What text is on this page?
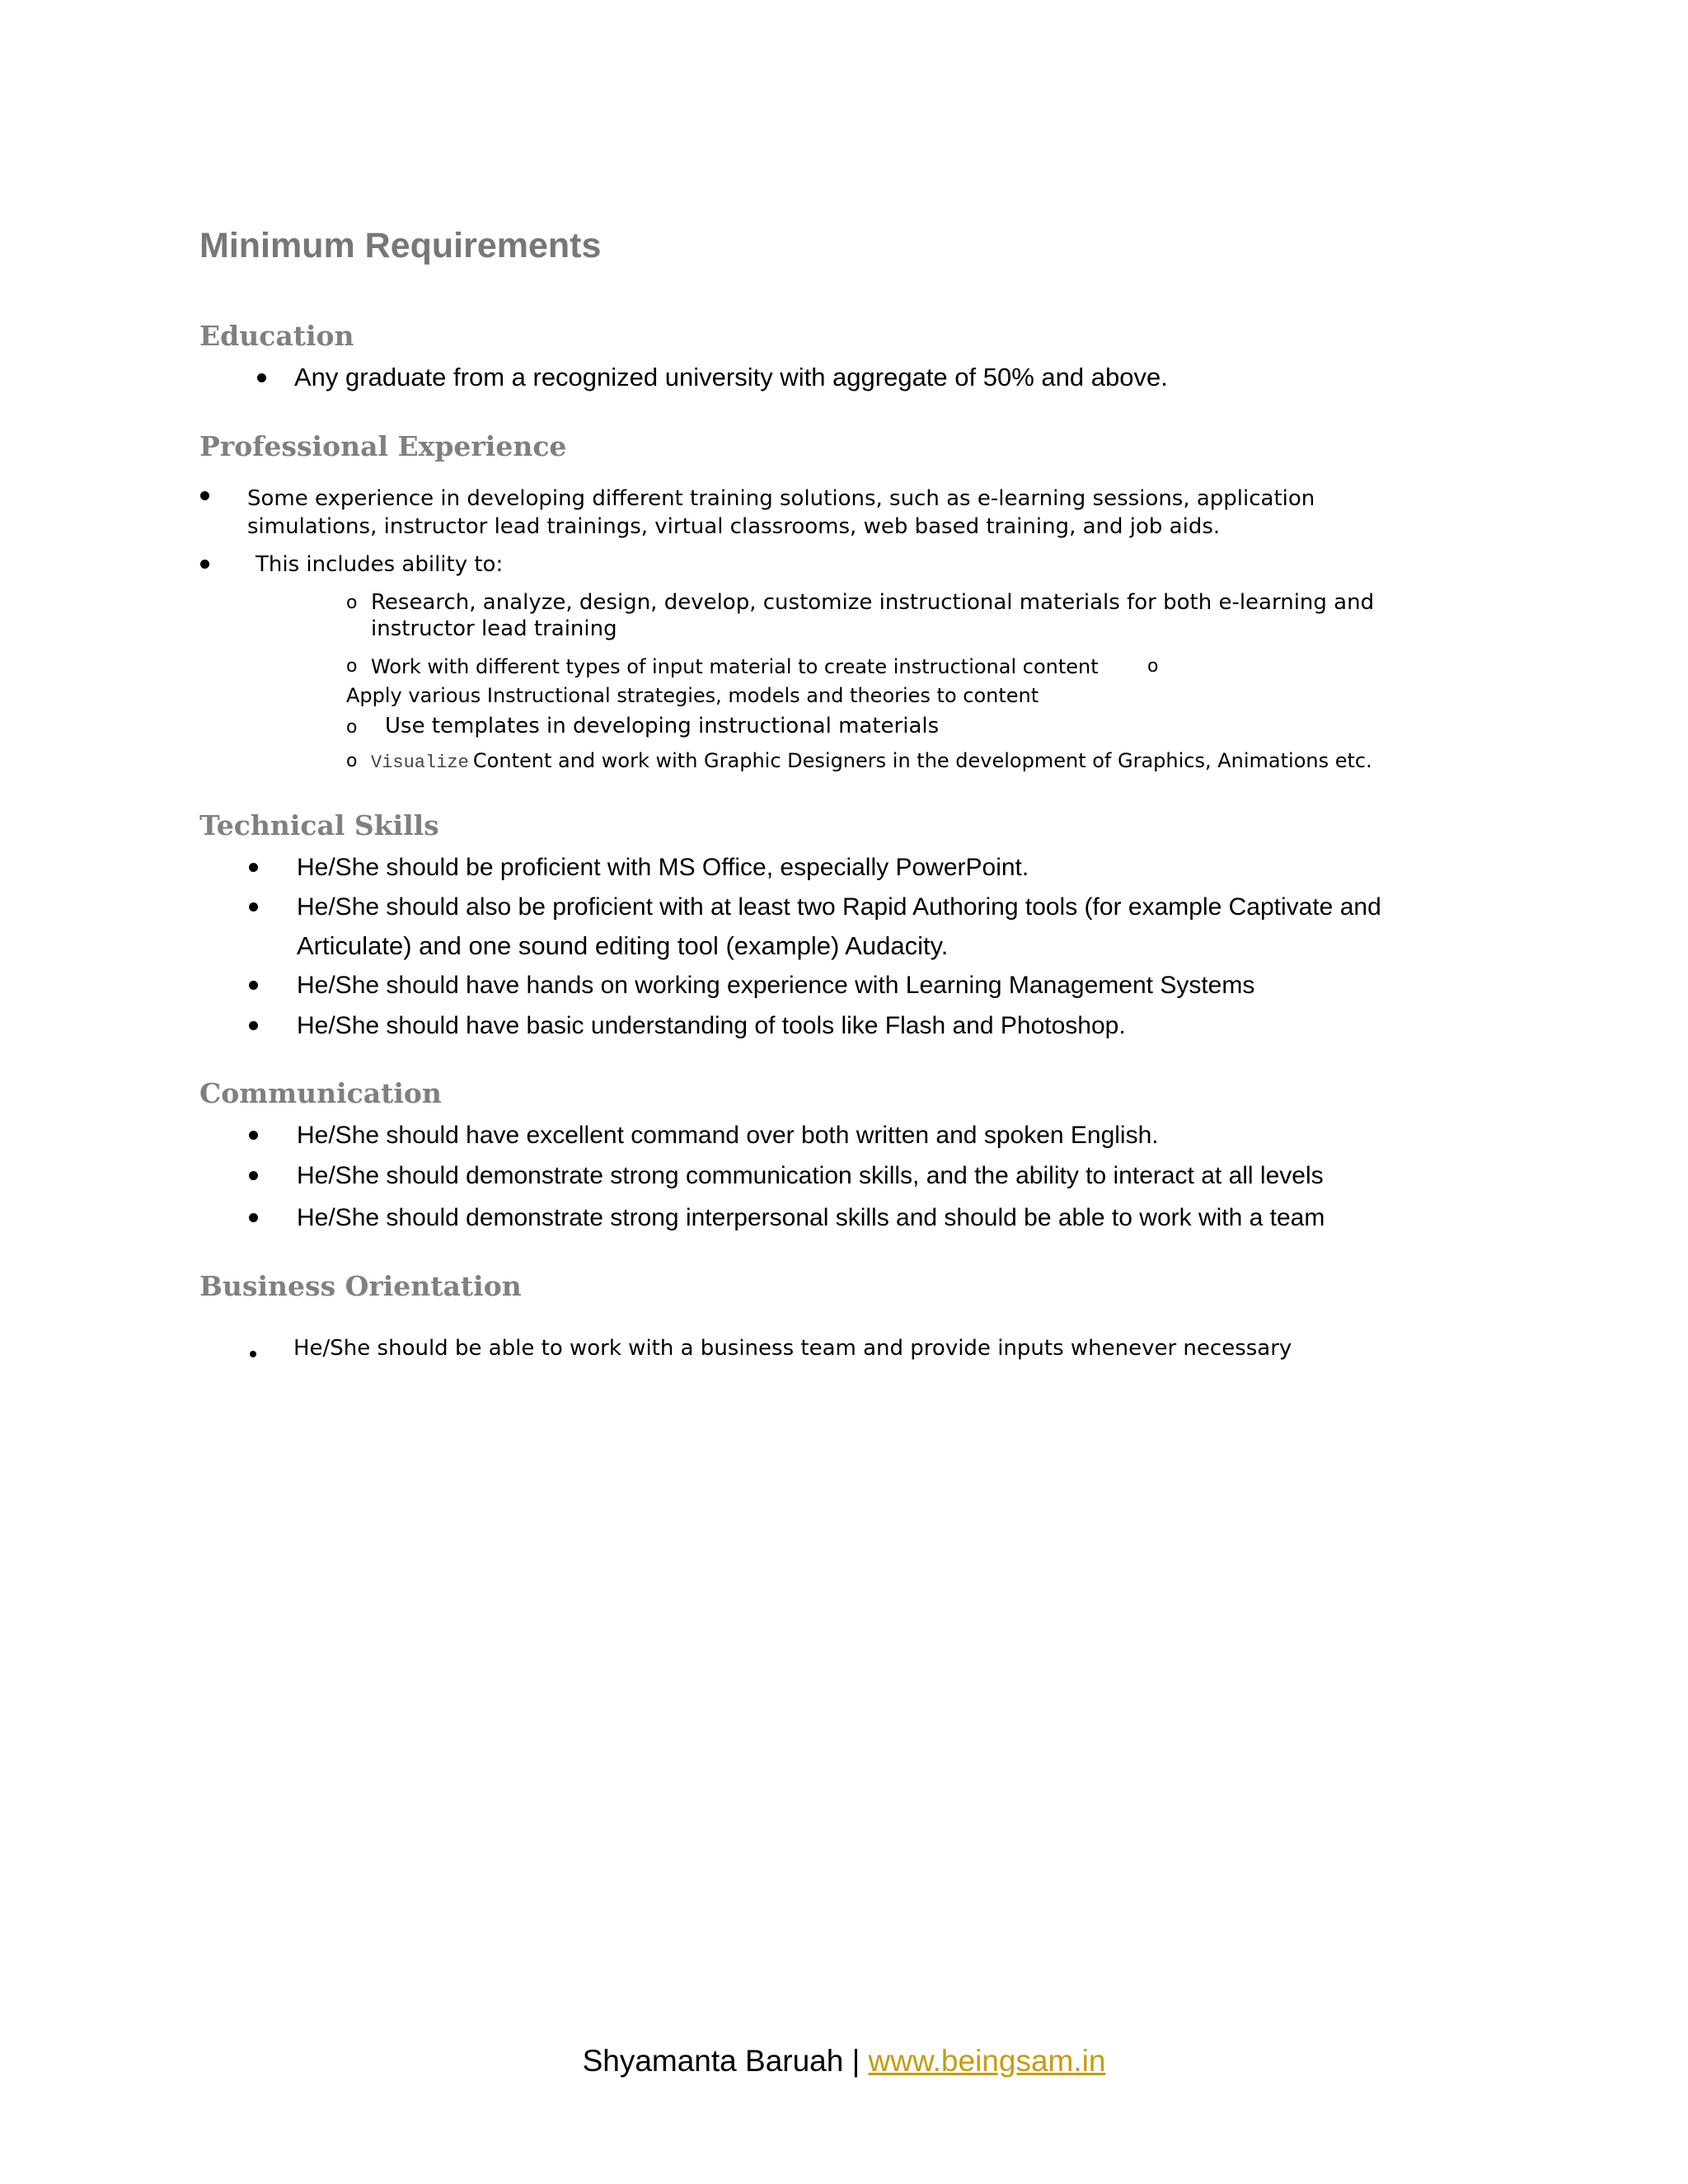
Minimum Requirements
Education
Any graduate from a recognized university with aggregate of 50% and above.
Professional Experience
Some experience in developing different training solutions, such as e-learning sessions, application
simulations, instructor lead trainings, virtual classrooms, web based training, and job aids.
This includes ability to:
o Research, analyze, design, develop, customize instructional materials for both e-learning and
instructor lead training
o Work with different types of input material to create instructional content	o
Apply various Instructional strategies, models and theories to content
o Use templates in developing instructional materials
o Visualize Content and work with Graphic Designers in the development of Graphics, Animations etc.
Technical Skills
He/She should be proficient with MS Office, especially PowerPoint.
He/She should also be proficient with at least two Rapid Authoring tools (for example Captivate and
Articulate) and one sound editing tool (example) Audacity.
He/She should have hands on working experience with Learning Management Systems
He/She should have basic understanding of tools like Flash and Photoshop.
Communication
He/She should have excellent command over both written and spoken English.
He/She should demonstrate strong communication skills, and the ability to interact at all levels
He/She should demonstrate strong interpersonal skills and should be able to work with a team
Business Orientation
He/She should be able to work with a business team and provide inputs whenever necessary
Shyamanta Baruah | www.beingsam.in
